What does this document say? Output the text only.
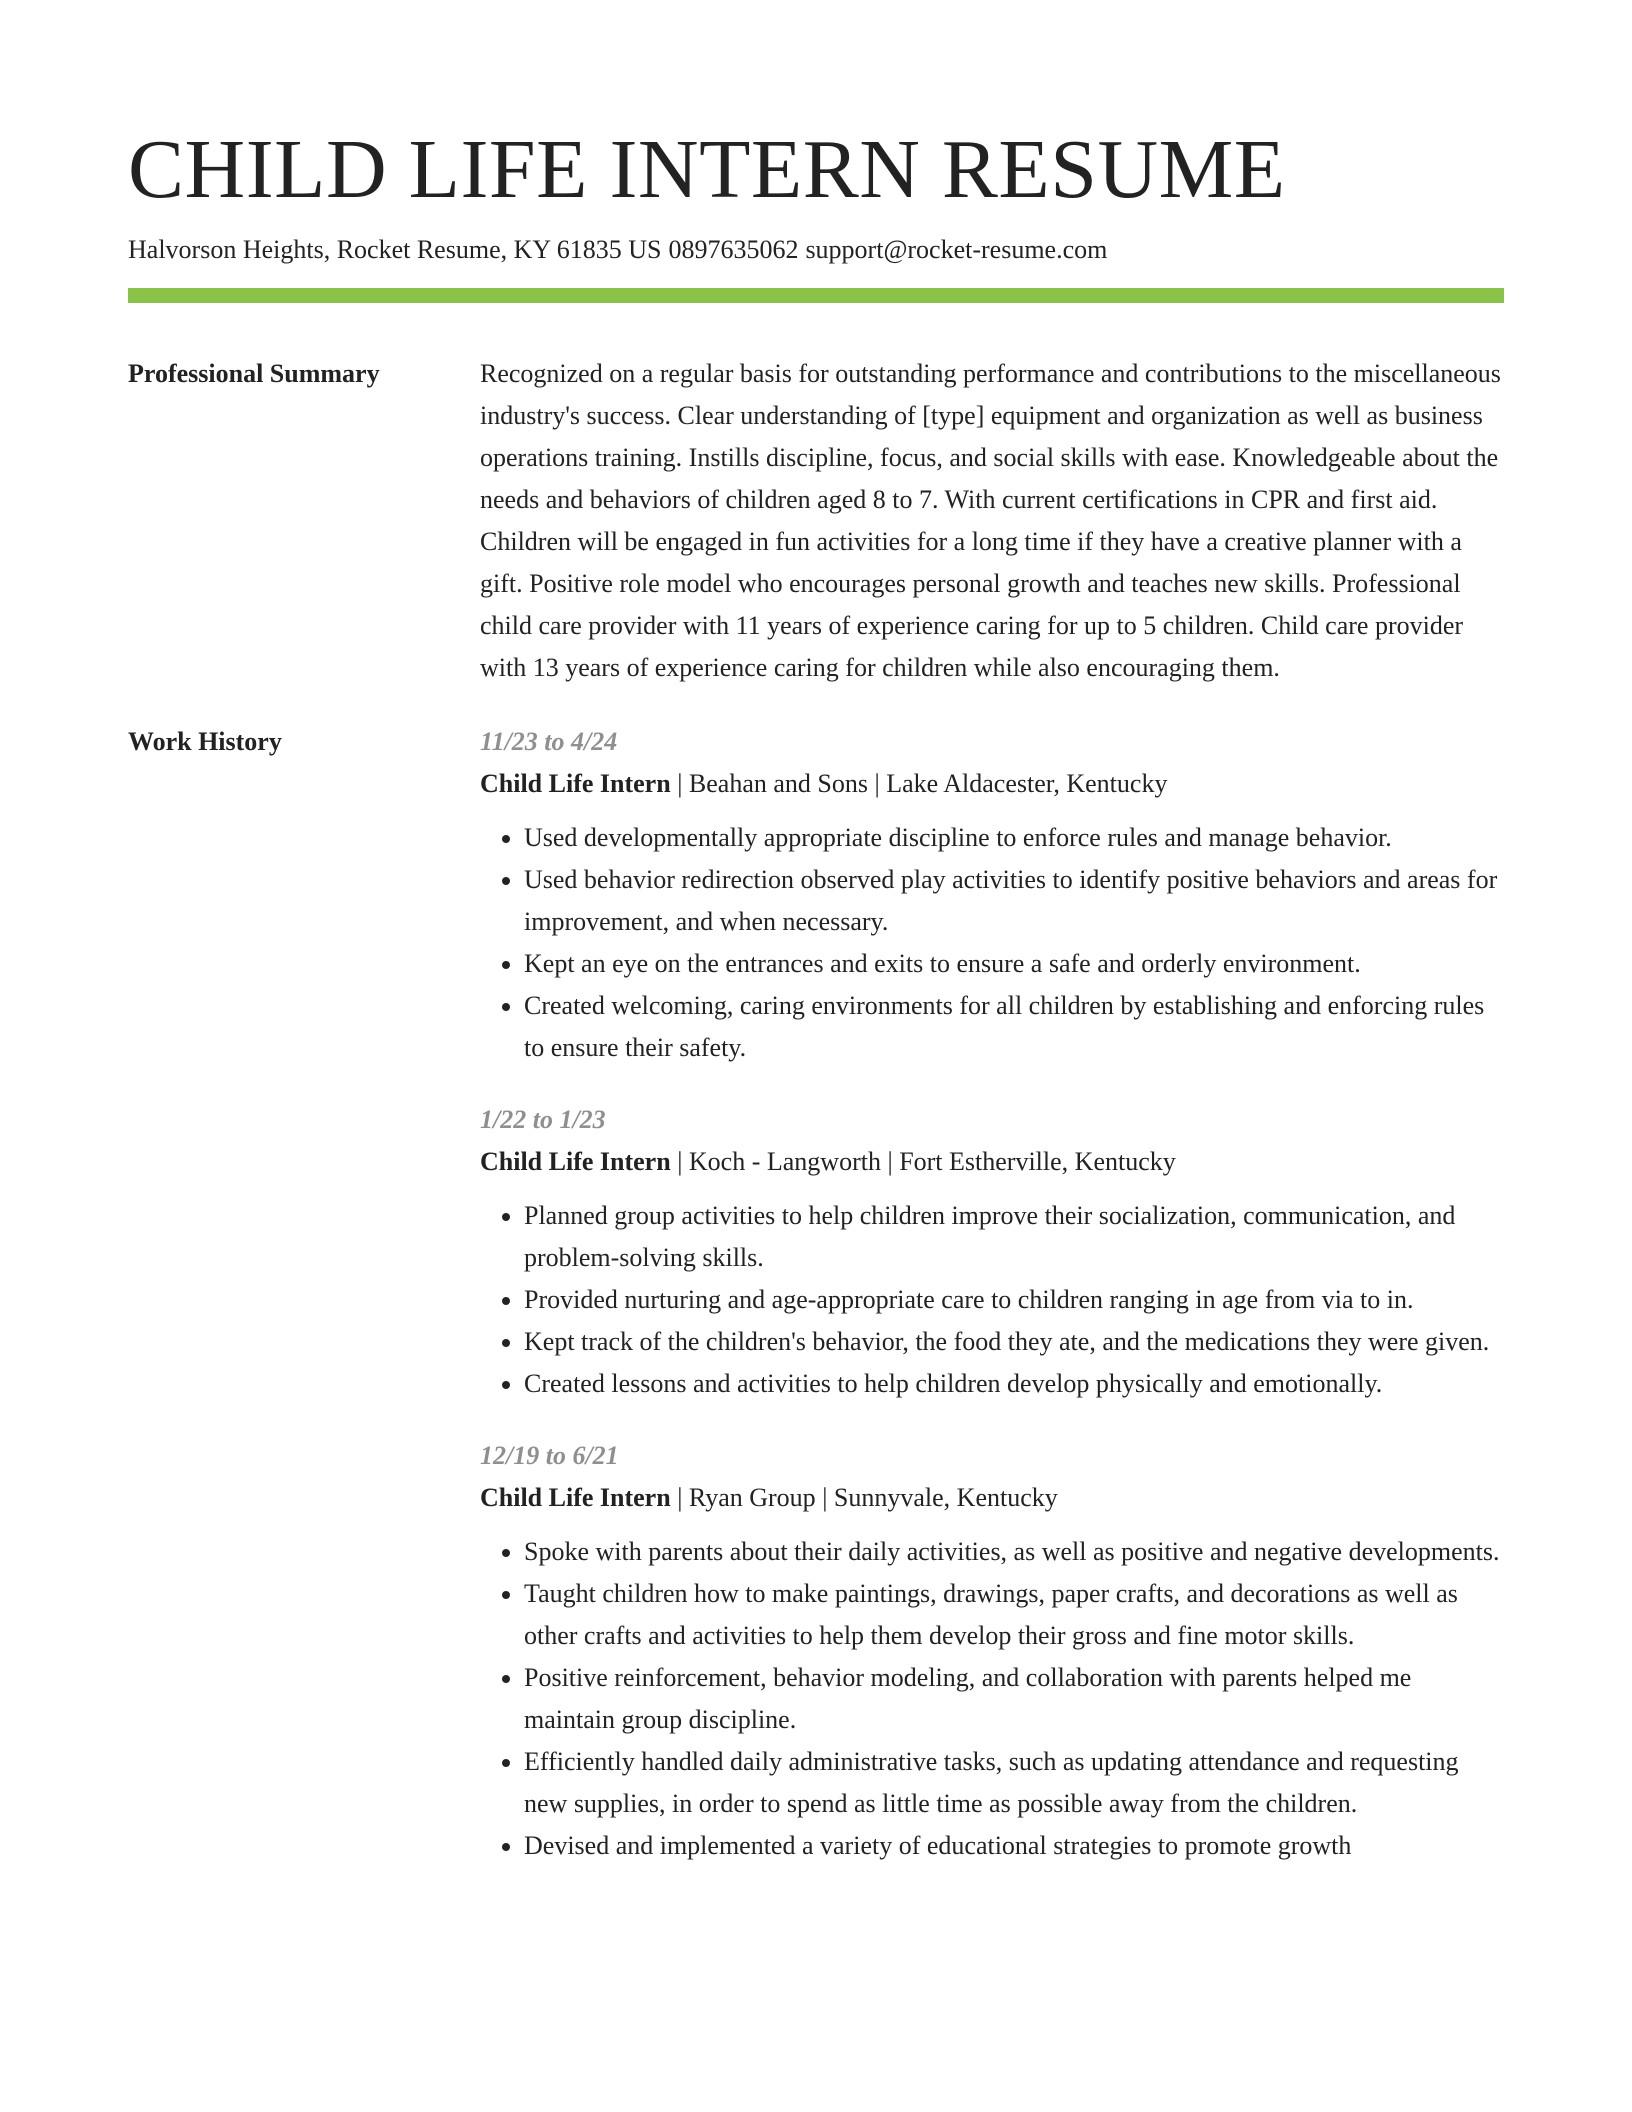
CHILD LIFE INTERN RESUME
Halvorson Heights, Rocket Resume, KY 61835 US 0897635062 support@rocket-resume.com
Professional Summary	Recognized on a regular basis for outstanding performance and contributions to the miscellaneous industry's success. Clear understanding of [type] equipment and organization as well as business operations training. Instills discipline, focus, and social skills with ease. Knowledgeable about the needs and behaviors of children aged 8 to 7. With current certifications in CPR and first aid. Children will be engaged in fun activities for a long time if they have a creative planner with a gift. Positive role model who encourages personal growth and teaches new skills. Professional child care provider with 11 years of experience caring for up to 5 children. Child care provider with 13 years of experience caring for children while also encouraging them.

Work History	11/23 to 4/24
Child Life Intern | Beahan and Sons | Lake Aldacester, Kentucky
• Used developmentally appropriate discipline to enforce rules and manage behavior.
• Used behavior redirection observed play activities to identify positive behaviors and areas for improvement, and when necessary.
• Kept an eye on the entrances and exits to ensure a safe and orderly environment.
• Created welcoming, caring environments for all children by establishing and enforcing rules to ensure their safety.
1/22 to 1/23
Child Life Intern | Koch - Langworth | Fort Estherville, Kentucky
• Planned group activities to help children improve their socialization, communication, and problem-solving skills.
• Provided nurturing and age-appropriate care to children ranging in age from via to in.
• Kept track of the children's behavior, the food they ate, and the medications they were given.
• Created lessons and activities to help children develop physically and emotionally.
12/19 to 6/21
Child Life Intern | Ryan Group | Sunnyvale, Kentucky
• Spoke with parents about their daily activities, as well as positive and negative developments.
• Taught children how to make paintings, drawings, paper crafts, and decorations as well as other crafts and activities to help them develop their gross and fine motor skills.
• Positive reinforcement, behavior modeling, and collaboration with parents helped me maintain group discipline.
• Efficiently handled daily administrative tasks, such as updating attendance and requesting new supplies, in order to spend as little time as possible away from the children.
• Devised and implemented a variety of educational strategies to promote growth
